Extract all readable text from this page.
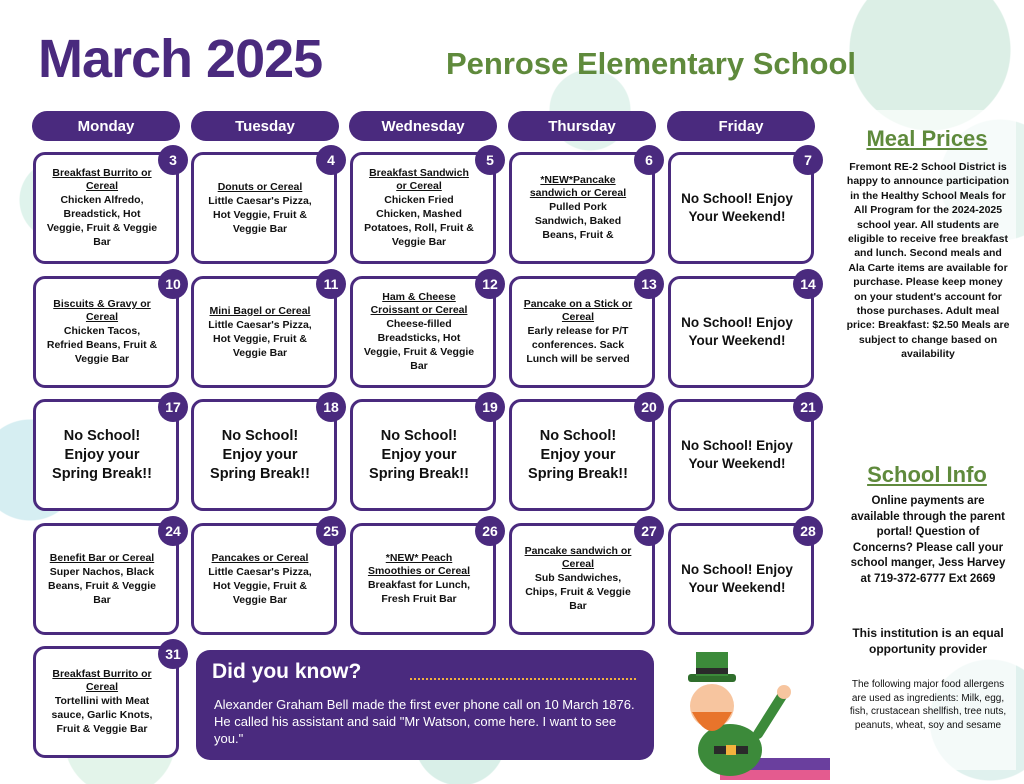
March 2025	Penrose Elementary School
Monday	Tuesday	Wednesday	Thursday	Friday
3
Breakfast Burrito or Cereal
Chicken Alfredo, Breadstick, Hot Veggie, Fruit & Veggie Bar
4
Donuts or Cereal
Little Caesar's Pizza, Hot Veggie, Fruit & Veggie Bar
5
Breakfast Sandwich or Cereal
Chicken Fried Chicken, Mashed Potatoes, Roll, Fruit & Veggie Bar
6
*NEW*Pancake sandwich or Cereal
Pulled Pork Sandwich, Baked Beans, Fruit &
7
No School! Enjoy Your Weekend!
10
Biscuits & Gravy or Cereal
Chicken Tacos, Refried Beans, Fruit & Veggie Bar
11
Mini Bagel or Cereal
Little Caesar's Pizza, Hot Veggie, Fruit & Veggie Bar
12
Ham & Cheese Croissant or Cereal
Cheese-filled Breadsticks, Hot Veggie, Fruit & Veggie Bar
13
Pancake on a Stick or Cereal
Early release for P/T conferences. Sack Lunch will be served
14
No School! Enjoy Your Weekend!
17
No School! Enjoy your Spring Break!!
18
No School! Enjoy your Spring Break!!
19
No School! Enjoy your Spring Break!!
20
No School! Enjoy your Spring Break!!
21
No School! Enjoy Your Weekend!
24
Benefit Bar or Cereal
Super Nachos, Black Beans, Fruit & Veggie Bar
25
Pancakes or Cereal
Little Caesar's Pizza, Hot Veggie, Fruit & Veggie Bar
26
*NEW* Peach Smoothies or Cereal
Breakfast for Lunch, Fresh Fruit Bar
27
Pancake sandwich or Cereal
Sub Sandwiches, Chips, Fruit & Veggie Bar
28
No School! Enjoy Your Weekend!
31
Breakfast Burrito or Cereal
Tortellini with Meat sauce, Garlic Knots, Fruit & Veggie Bar
Did you know?
Alexander Graham Bell made the first ever phone call on 10 March 1876. He called his assistant and said "Mr Watson, come here. I want to see you."
Meal Prices
Fremont RE-2 School District is happy to announce participation in the Healthy School Meals for All Program for the 2024-2025 school year. All students are eligible to receive free breakfast and lunch. Second meals and Ala Carte items are available for purchase. Please keep money on your student's account for those purchases. Adult meal price: Breakfast: $2.50 Meals are subject to change based on availability
School Info
Online payments are available through the parent portal! Question of Concerns? Please call your school manger, Jess Harvey at 719-372-6777 Ext 2669
This institution is an equal opportunity provider
The following major food allergens are used as ingredients: Milk, egg, fish, crustacean shellfish, tree nuts, peanuts, wheat, soy and sesame
